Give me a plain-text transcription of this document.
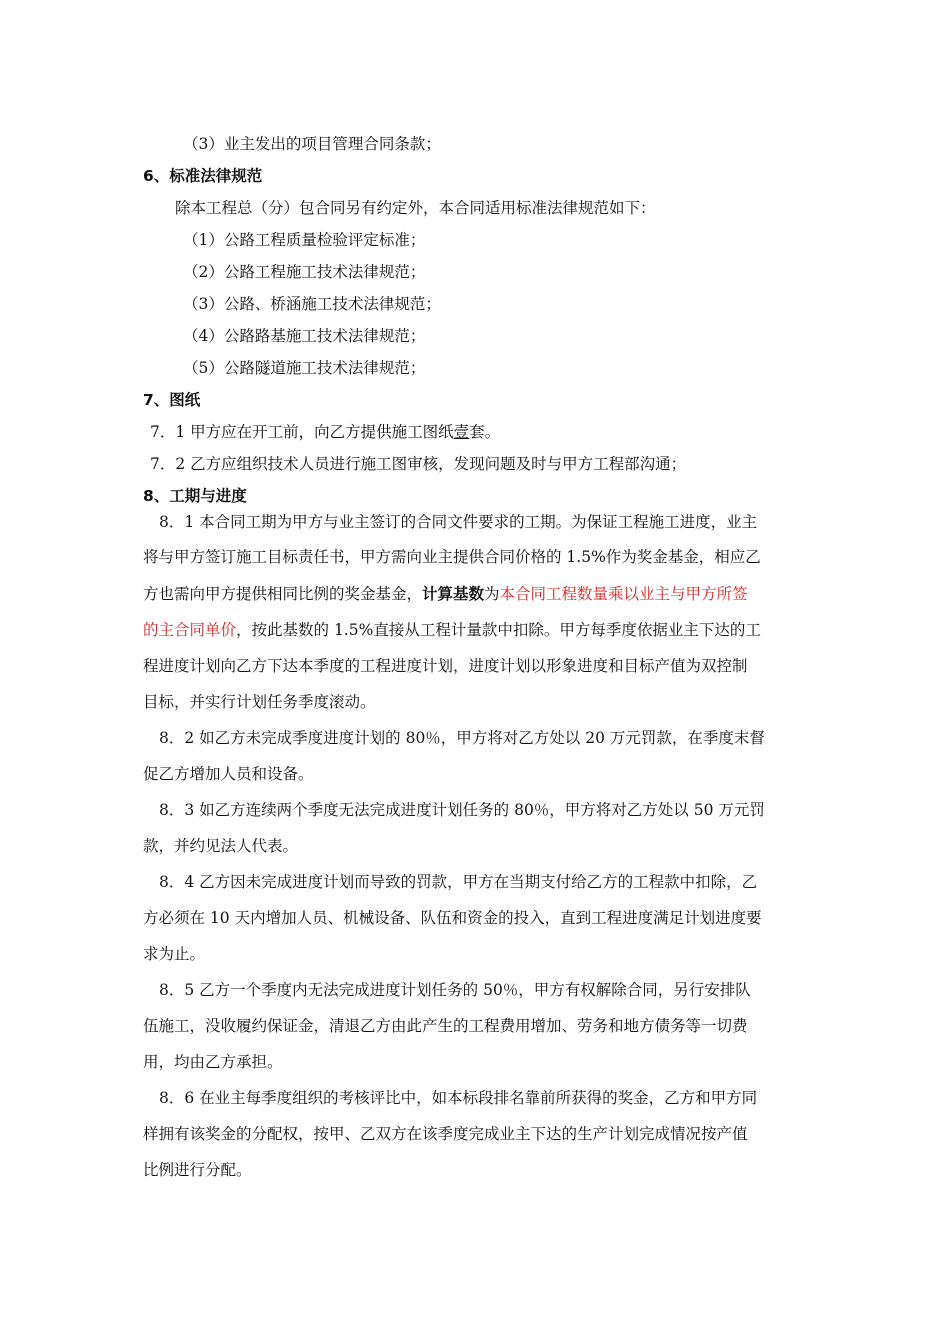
（3）业主发出的项目管理合同条款；
6、标准法律规范
除本工程总（分）包合同另有约定外，本合同适用标准法律规范如下：
（1）公路工程质量检验评定标准；
（2）公路工程施工技术法律规范；
（3）公路、桥涵施工技术法律规范；
（4）公路路基施工技术法律规范；
（5）公路隧道施工技术法律规范；
7、图纸
7．1 甲方应在开工前，向乙方提供施工图纸壹套。
7．2 乙方应组织技术人员进行施工图审核，发现问题及时与甲方工程部沟通；
8、工期与进度
8．1 本合同工期为甲方与业主签订的合同文件要求的工期。为保证工程施工进度，业主
将与甲方签订施工目标责任书，甲方需向业主提供合同价格的 1.5%作为奖金基金，相应乙
方也需向甲方提供相同比例的奖金基金，计算基数为本合同工程数量乘以业主与甲方所签
的主合同单价，按此基数的 1.5%直接从工程计量款中扣除。甲方每季度依据业主下达的工
程进度计划向乙方下达本季度的工程进度计划，进度计划以形象进度和目标产值为双控制
目标，并实行计划任务季度滚动。
8．2 如乙方未完成季度进度计划的 80％，甲方将对乙方处以 20 万元罚款，在季度末督
促乙方增加人员和设备。
8．3 如乙方连续两个季度无法完成进度计划任务的 80％，甲方将对乙方处以 50 万元罚
款，并约见法人代表。
8．4 乙方因未完成进度计划而导致的罚款，甲方在当期支付给乙方的工程款中扣除，乙
方必须在 10 天内增加人员、机械设备、队伍和资金的投入，直到工程进度满足计划进度要
求为止。
8．5 乙方一个季度内无法完成进度计划任务的 50％，甲方有权解除合同，另行安排队
伍施工，没收履约保证金，清退乙方由此产生的工程费用增加、劳务和地方债务等一切费
用，均由乙方承担。
8．6 在业主每季度组织的考核评比中，如本标段排名靠前所获得的奖金，乙方和甲方同
样拥有该奖金的分配权，按甲、乙双方在该季度完成业主下达的生产计划完成情况按产值
比例进行分配。
